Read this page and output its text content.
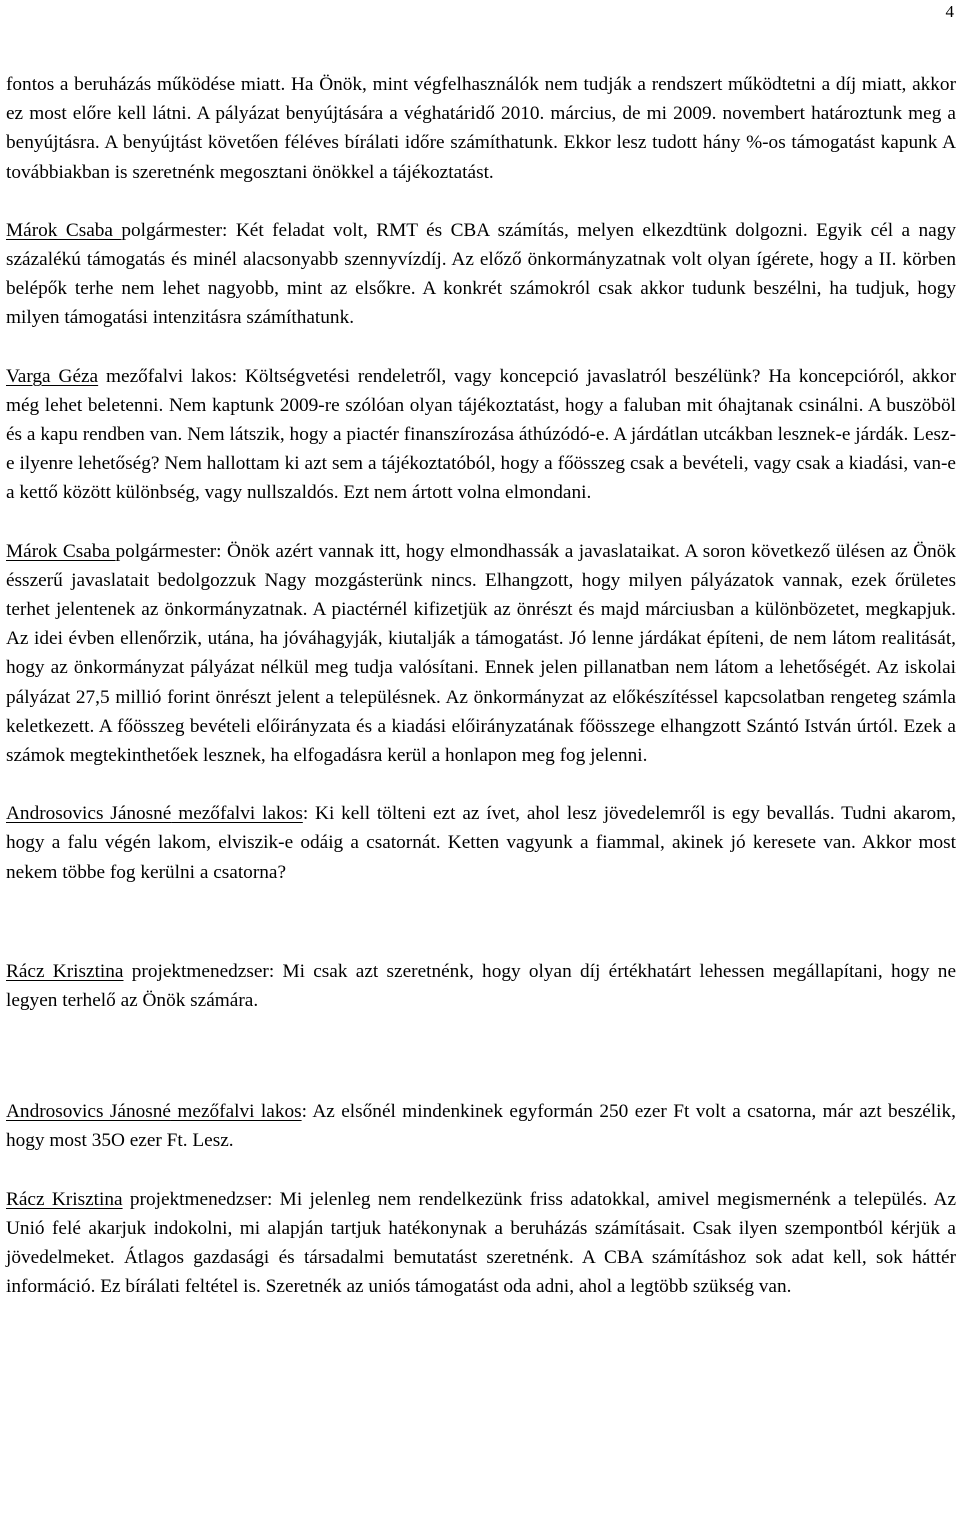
4

fontos a beruházás működése miatt. Ha Önök, mint végfelhasználók nem tudják a rendszert működtetni a díj miatt, akkor ez most előre kell látni. A pályázat benyújtására a véghatáridő 2010. március, de mi 2009. novembert határoztunk meg a benyújtásra. A benyújtást követően féléves bírálati időre számíthatunk. Ekkor lesz tudott hány %-os támogatást kapunk A továbbiakban is szeretnénk megosztani önökkel a tájékoztatást.

Márok Csaba polgármester: Két feladat volt, RMT és CBA számítás, melyen elkezdtünk dolgozni. Egyik cél a nagy százalékú támogatás és minél alacsonyabb szennyvízdíj. Az előző önkormányzatnak volt olyan ígérete, hogy a II. körben belépők terhe nem lehet nagyobb, mint az elsőkre. A konkrét számokról csak akkor tudunk beszélni, ha tudjuk, hogy milyen támogatási intenzitásra számíthatunk.

Varga Géza mezőfalvi lakos: Költségvetési rendeletről, vagy koncepció javaslatról beszélünk? Ha koncepcióról, akkor még lehet beletenni. Nem kaptunk 2009-re szólóan olyan tájékoztatást, hogy a faluban mit óhajtanak csinálni. A buszöböl és a kapu rendben van. Nem látszik, hogy a piactér finanszírozása áthúzódó-e. A járdátlan utcákban lesznek-e járdák. Lesz-e ilyenre lehetőség? Nem hallottam ki azt sem a tájékoztatóból, hogy a főösszeg csak a bevételi, vagy csak a kiadási, van-e a kettő között különbség, vagy nullszaldós. Ezt nem ártott volna elmondani.

Márok Csaba polgármester: Önök azért vannak itt, hogy elmondhassák a javaslataikat. A soron következő ülésen az Önök ésszerű javaslatait bedolgozzuk Nagy mozgásterünk nincs. Elhangzott, hogy milyen pályázatok vannak, ezek őrületes terhet jelentenek az önkormányzatnak. A piactérnél kifizetjük az önrészt és majd márciusban a különbözetet, megkapjuk. Az idei évben ellenőrzik, utána, ha jóváhagyják, kiutalják a támogatást. Jó lenne járdákat építeni, de nem látom realitását, hogy az önkormányzat pályázat nélkül meg tudja valósítani. Ennek jelen pillanatban nem látom a lehetőségét. Az iskolai pályázat 27,5 millió forint önrészt jelent a településnek. Az önkormányzat az előkészítéssel kapcsolatban rengeteg számla keletkezett. A főösszeg bevételi előirányzata és a kiadási előirányzatának főösszege elhangzott Szántó István úrtól. Ezek a számok megtekinthetőek lesznek, ha elfogadásra kerül a honlapon meg fog jelenni.

Androsovics Jánosné mezőfalvi lakos: Ki kell tölteni ezt az ívet, ahol lesz jövedelemről is egy bevallás. Tudni akarom, hogy a falu végén lakom, elviszik-e odáig a csatornát. Ketten vagyunk a fiammal, akinek jó keresete van. Akkor most nekem többe fog kerülni a csatorna?

Rácz Krisztina projektmenedzser: Mi csak azt szeretnénk, hogy olyan díj értékhatárt lehessen megállapítani, hogy ne legyen terhelő az Önök számára.

Androsovics Jánosné mezőfalvi lakos: Az elsőnél mindenkinek egyformán 250 ezer Ft volt a csatorna, már azt beszélik, hogy most 35O ezer Ft. Lesz.

Rácz Krisztina projektmenedzser: Mi jelenleg nem rendelkezünk friss adatokkal, amivel megismernénk a település. Az Unió felé akarjuk indokolni, mi alapján tartjuk hatékonynak a beruházás számításait. Csak ilyen szempontból kérjük a jövedelmeket. Átlagos gazdasági és társadalmi bemutatást szeretnénk. A CBA számításhoz sok adat kell, sok háttér információ. Ez bírálati feltétel is. Szeretnék az uniós támogatást oda adni, ahol a legtöbb szükség van.
